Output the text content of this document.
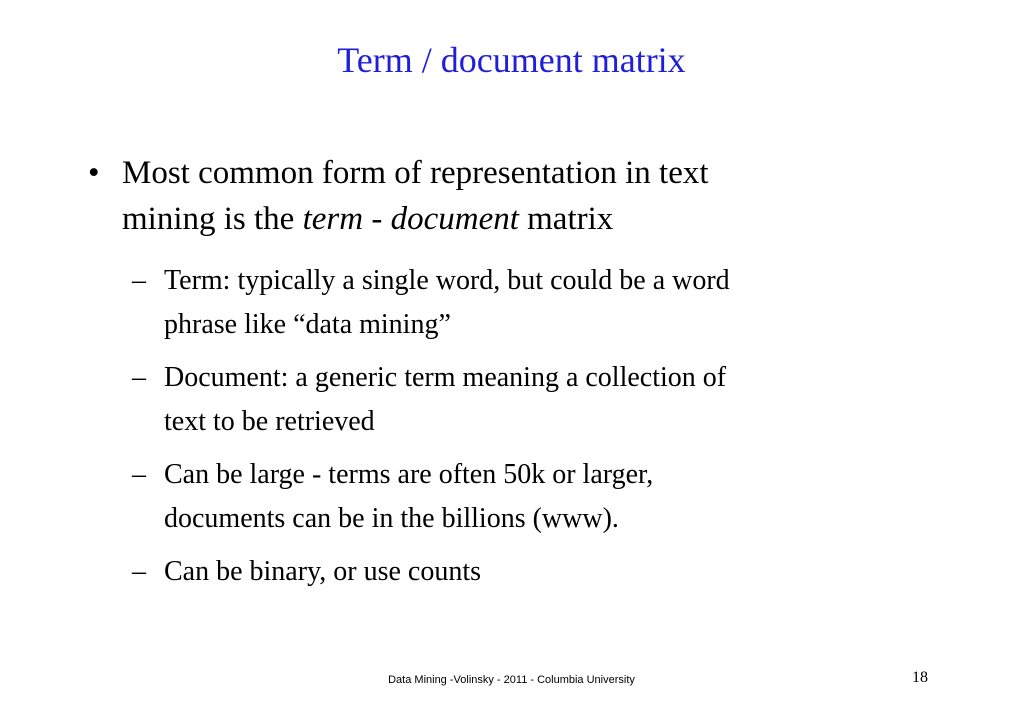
Term / document matrix
• Most common form of representation in text
mining is the term - document matrix
– Term: typically a single word, but could be a word
phrase like “data mining”
– Document: a generic term meaning a collection of
text to be retrieved
– Can be large - terms are often 50k or larger,
documents can be in the billions (www).
– Can be binary, or use counts
Data Mining -Volinsky - 2011 - Columbia University	18
